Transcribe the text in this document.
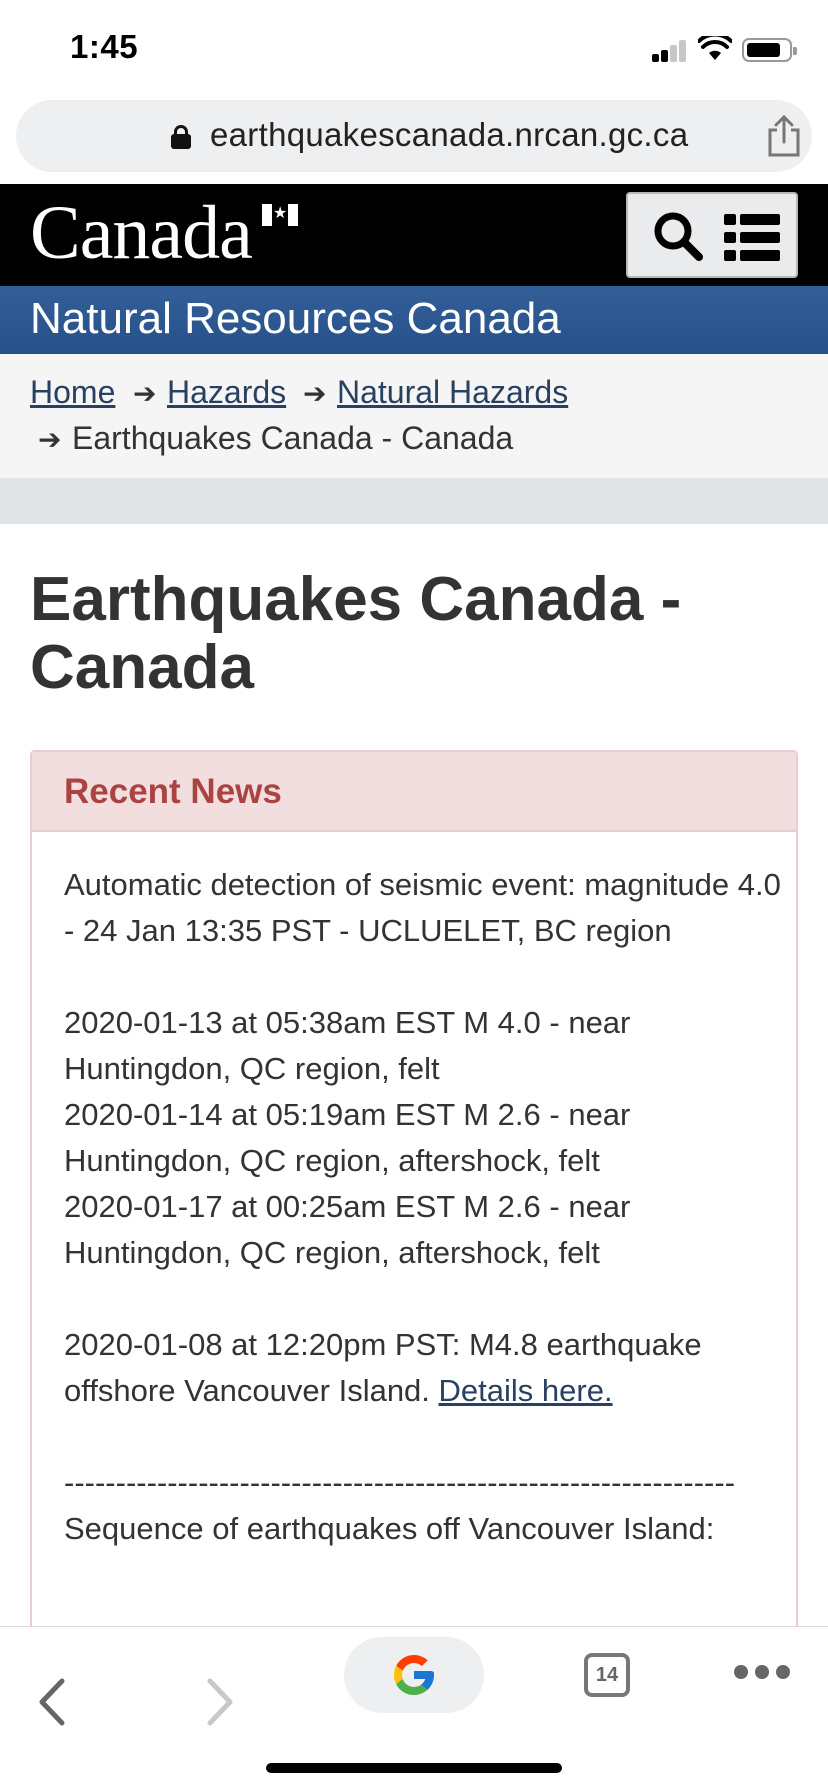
1:45
earthquakescanada.nrcan.gc.ca
Canada
★
Natural Resources Canada
Home ➔ Hazards ➔ Natural Hazards
➔ Earthquakes Canada - Canada
Earthquakes Canada - Canada
Recent News

Automatic detection of seismic event: magnitude 4.0 - 24 Jan 13:35 PST - UCLUELET, BC region

2020-01-13 at 05:38am EST M 4.0 - near Huntingdon, QC region, felt

2020-01-14 at 05:19am EST M 2.6 - near Huntingdon, QC region, aftershock, felt

2020-01-17 at 00:25am EST M 2.6 - near Huntingdon, QC region, aftershock, felt

2020-01-08 at 12:20pm PST: M4.8 earthquake offshore Vancouver Island. Details here.

-----------------------------------------------------------------

Sequence of earthquakes off Vancouver Island:

14
